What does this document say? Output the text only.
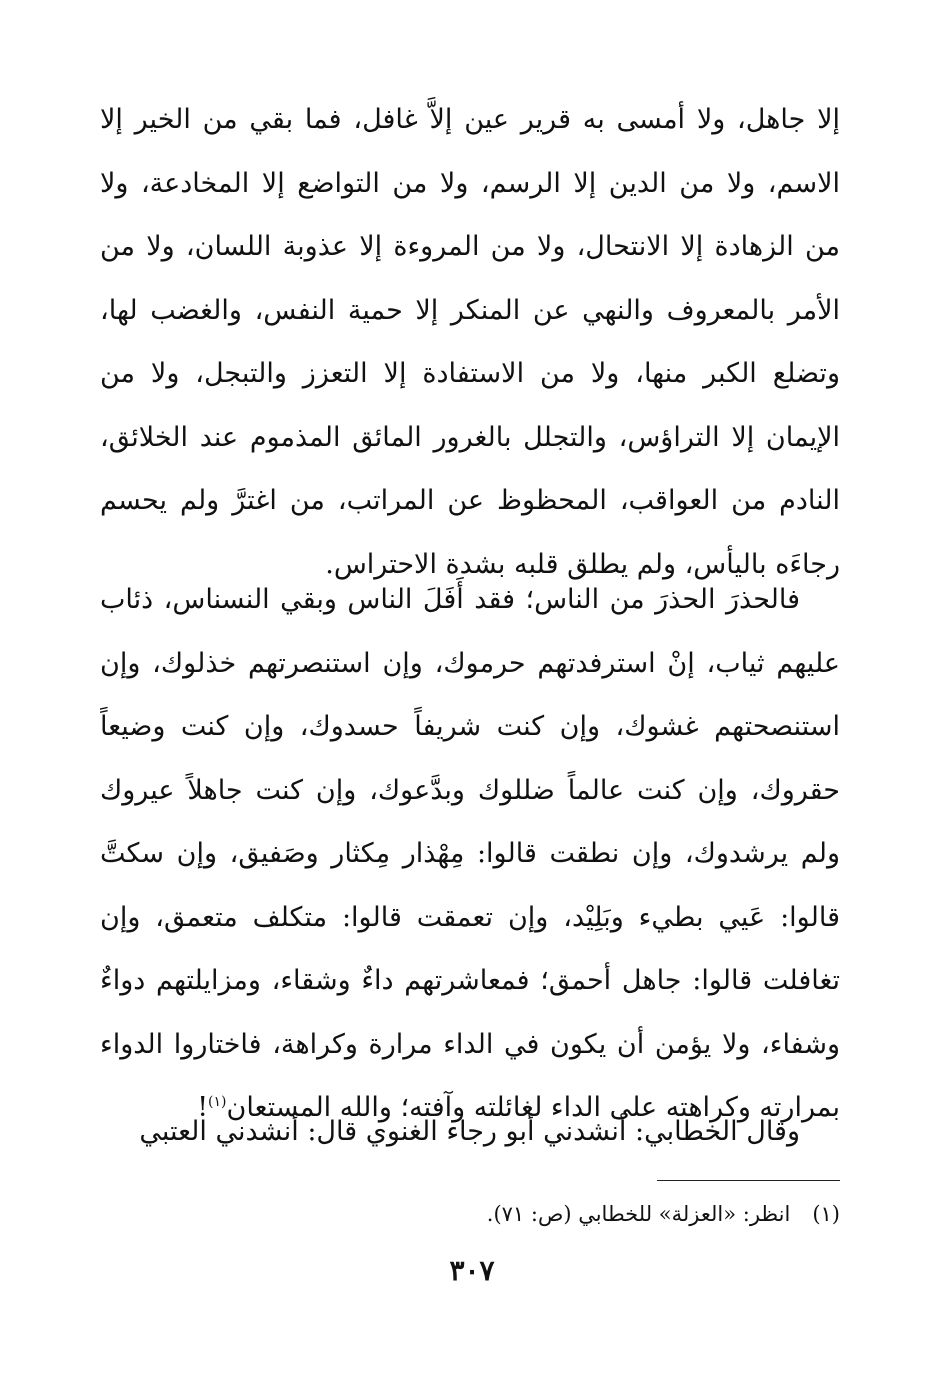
إلا جاهل، ولا أمسى به قرير عين إلاَّ غافل، فما بقي من الخير إلا
الاسم، ولا من الدين إلا الرسم، ولا من التواضع إلا المخادعة، ولا
من الزهادة إلا الانتحال، ولا من المروءة إلا عذوبة اللسان، ولا من
الأمر بالمعروف والنهي عن المنكر إلا حمية النفس، والغضب لها،
وتضلع الكبر منها، ولا من الاستفادة إلا التعزز والتبجل، ولا من
الإيمان إلا التراؤس، والتجلل بالغرور المائق المذموم عند الخلائق،
النادم من العواقب، المحظوظ عن المراتب، من اغترَّ ولم يحسم
رجاءَه باليأس، ولم يطلق قلبه بشدة الاحتراس.
فالحذرَ الحذرَ من الناس؛ فقد أَفَلَ الناس وبقي النسناس، ذئاب
عليهم ثياب، إنْ استرفدتهم حرموك، وإن استنصرتهم خذلوك، وإن
استنصحتهم غشوك، وإن كنت شريفاً حسدوك، وإن كنت وضيعاً
حقروك، وإن كنت عالماً ضللوك وبدَّعوك، وإن كنت جاهلاً عيروك
ولم يرشدوك، وإن نطقت قالوا: مِهْذار مِكثار وصَفيق، وإن سكتَّ
قالوا: عَيي بطيء وبَلِيْد، وإن تعمقت قالوا: متكلف متعمق، وإن
تغافلت قالوا: جاهل أحمق؛ فمعاشرتهم داءٌ وشقاء، ومزايلتهم دواءٌ
وشفاء، ولا يؤمن أن يكون في الداء مرارة وكراهة، فاختاروا الدواء
بمرارته وكراهته على الداء لغائلته وآفته؛ والله المستعان$^{(١)}$!
وقال الخطابي: أنشدني أبو رجاء الغنوي قال: أنشدني العتبي
(١)انظر: «العزلة» للخطابي (ص: ٧١).
٣٠٧
